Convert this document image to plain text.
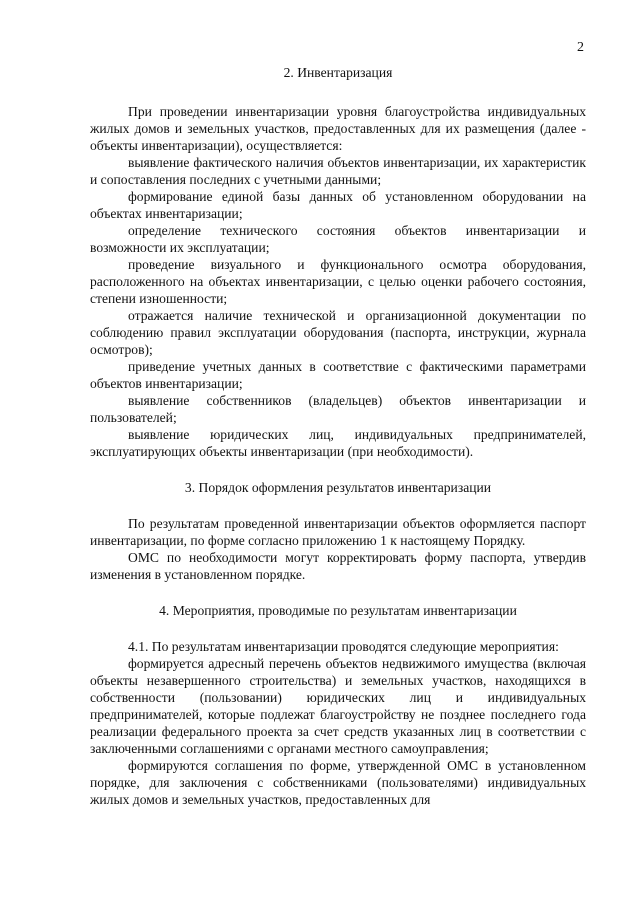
2

2. Инвентаризация

При проведении инвентаризации уровня благоустройства индивидуальных жилых домов и земельных участков, предоставленных для их размещения (далее - объекты инвентаризации), осуществляется:

выявление фактического наличия объектов инвентаризации, их характеристик и сопоставления последних с учетными данными;

формирование единой базы данных об установленном оборудовании на объектах инвентаризации;

определение технического состояния объектов инвентаризации и возможности их эксплуатации;

проведение визуального и функционального осмотра оборудования, расположенного на объектах инвентаризации, с целью оценки рабочего состояния, степени изношенности;

отражается наличие технической и организационной документации по соблюдению правил эксплуатации оборудования (паспорта, инструкции, журнала осмотров);

приведение учетных данных в соответствие с фактическими параметрами объектов инвентаризации;

выявление собственников (владельцев) объектов инвентаризации и пользователей;

выявление юридических лиц, индивидуальных предпринимателей, эксплуатирующих объекты инвентаризации (при необходимости).

3. Порядок оформления результатов инвентаризации

По результатам проведенной инвентаризации объектов оформляется паспорт инвентаризации, по форме согласно приложению 1 к настоящему Порядку.

ОМС по необходимости могут корректировать форму паспорта, утвердив изменения в установленном порядке.

4. Мероприятия, проводимые по результатам инвентаризации

4.1. По результатам инвентаризации проводятся следующие мероприятия:

формируется адресный перечень объектов недвижимого имущества (включая объекты незавершенного строительства) и земельных участков, находящихся в собственности (пользовании) юридических лиц и индивидуальных предпринимателей, которые подлежат благоустройству не позднее последнего года реализации федерального проекта за счет средств указанных лиц в соответствии с заключенными соглашениями с органами местного самоуправления;

формируются соглашения по форме, утвержденной ОМС в установленном порядке, для заключения с собственниками (пользователями) индивидуальных жилых домов и земельных участков, предоставленных для
